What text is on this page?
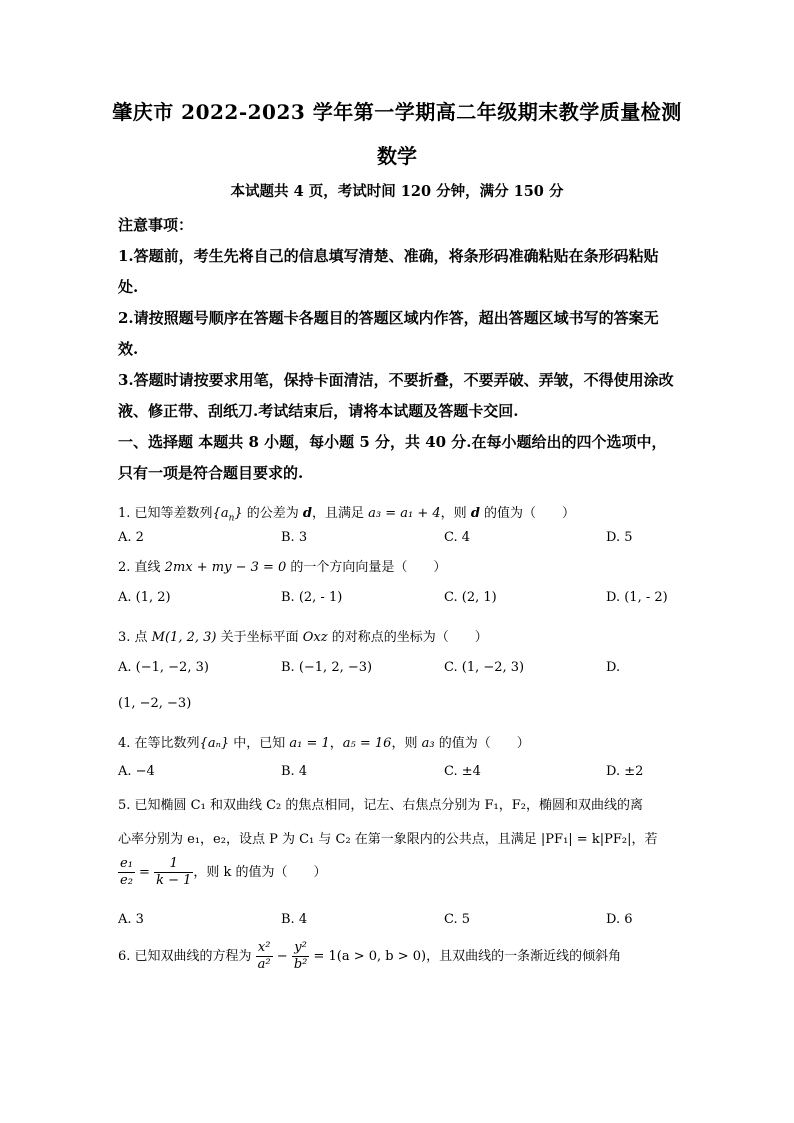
肇庆市 2022-2023 学年第一学期高二年级期末教学质量检测
数学
本试题共 4 页，考试时间 120 分钟，满分 150 分

注意事项：

1.答题前，考生先将自己的信息填写清楚、准确，将条形码准确粘贴在条形码粘贴处.

2.请按照题号顺序在答题卡各题目的答题区域内作答，超出答题区域书写的答案无效.

3.答题时请按要求用笔，保持卡面清洁，不要折叠，不要弄破、弄皱，不得使用涂改液、修正带、刮纸刀.考试结束后，请将本试题及答题卡交回.

一、选择题 本题共 8 小题，每小题 5 分，共 40 分.在每小题给出的四个选项中，只有一项是符合题目要求的.

1. 已知等差数列$\{a_n\}$ 的公差为 d，且满足 a₃ = a₁ + 4，则 d 的值为（　　）
A. 2	B. 3	C. 4	D. 5
2. 直线 2mx + my − 3 = 0 的一个方向向量是（　　）
A. (1, 2)	B. (2, - 1)	C. (2, 1)	D. (1, - 2)
3. 点 M(1, 2, 3) 关于坐标平面 Oxz 的对称点的坐标为（　　）
A. (−1, −2, 3)	B. (−1, 2, −3)	C. (1, −2, 3)	D.
(1, −2, −3)
4. 在等比数列{aₙ} 中，已知 a₁ = 1，a₅ = 16，则 a₃ 的值为（　　）
A. −4	B. 4	C. ±4	D. ±2
5. 已知椭圆 C₁ 和双曲线 C₂ 的焦点相同，记左、右焦点分别为 F₁，F₂，椭圆和双曲线的离
心率分别为 e₁，e₂，设点 P 为 C₁ 与 C₂ 在第一象限内的公共点，且满足 |PF₁| = k|PF₂|，若
$\frac{\text{e₁}}{\text{e₂}} = \frac{1}{k - 1}$ ，则 k 的值为（　　）
A. 3	B. 4	C. 5	D. 6
6. 已知双曲线的方程为 $\frac{\text{x²}}{\text{a²}} - \frac{\text{y²}}{\text{b²}} = 1(a > 0$, b > 0)，且双曲线的一条渐近线的倾斜角
